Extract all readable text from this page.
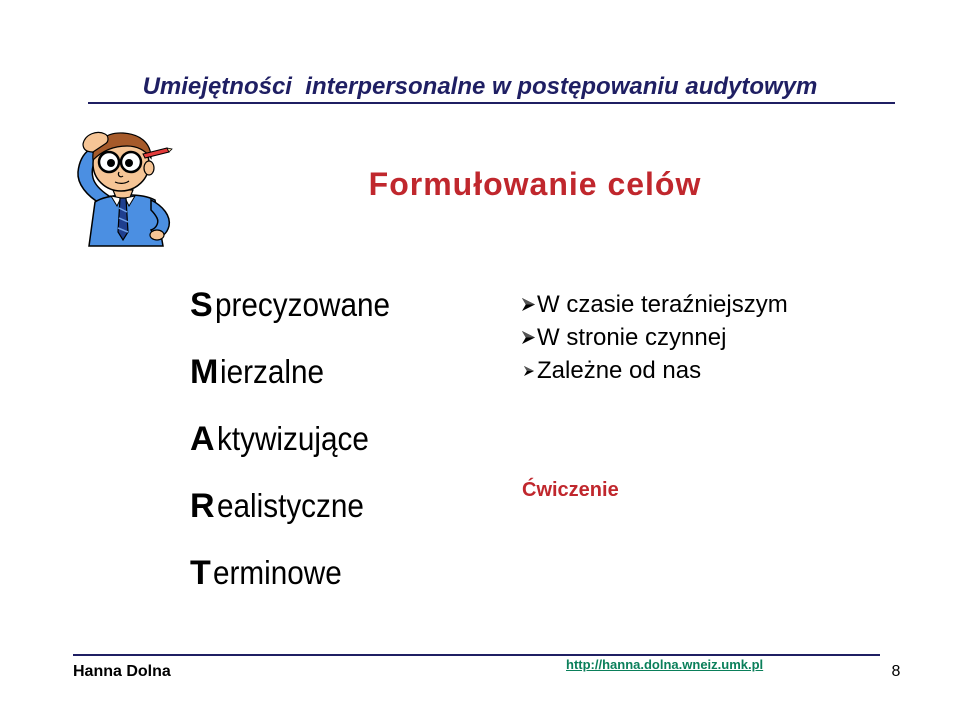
Umiejętności  interpersonalne w postępowaniu audytowym
Formułowanie celów
Sprecyzowane
Mierzalne
Aktywizujące
Realistyczne
Terminowe
W czasie teraźniejszym
W stronie czynnej
Zależne od nas
Ćwiczenie
Hanna Dolna	http://hanna.dolna.wneiz.umk.pl	8
